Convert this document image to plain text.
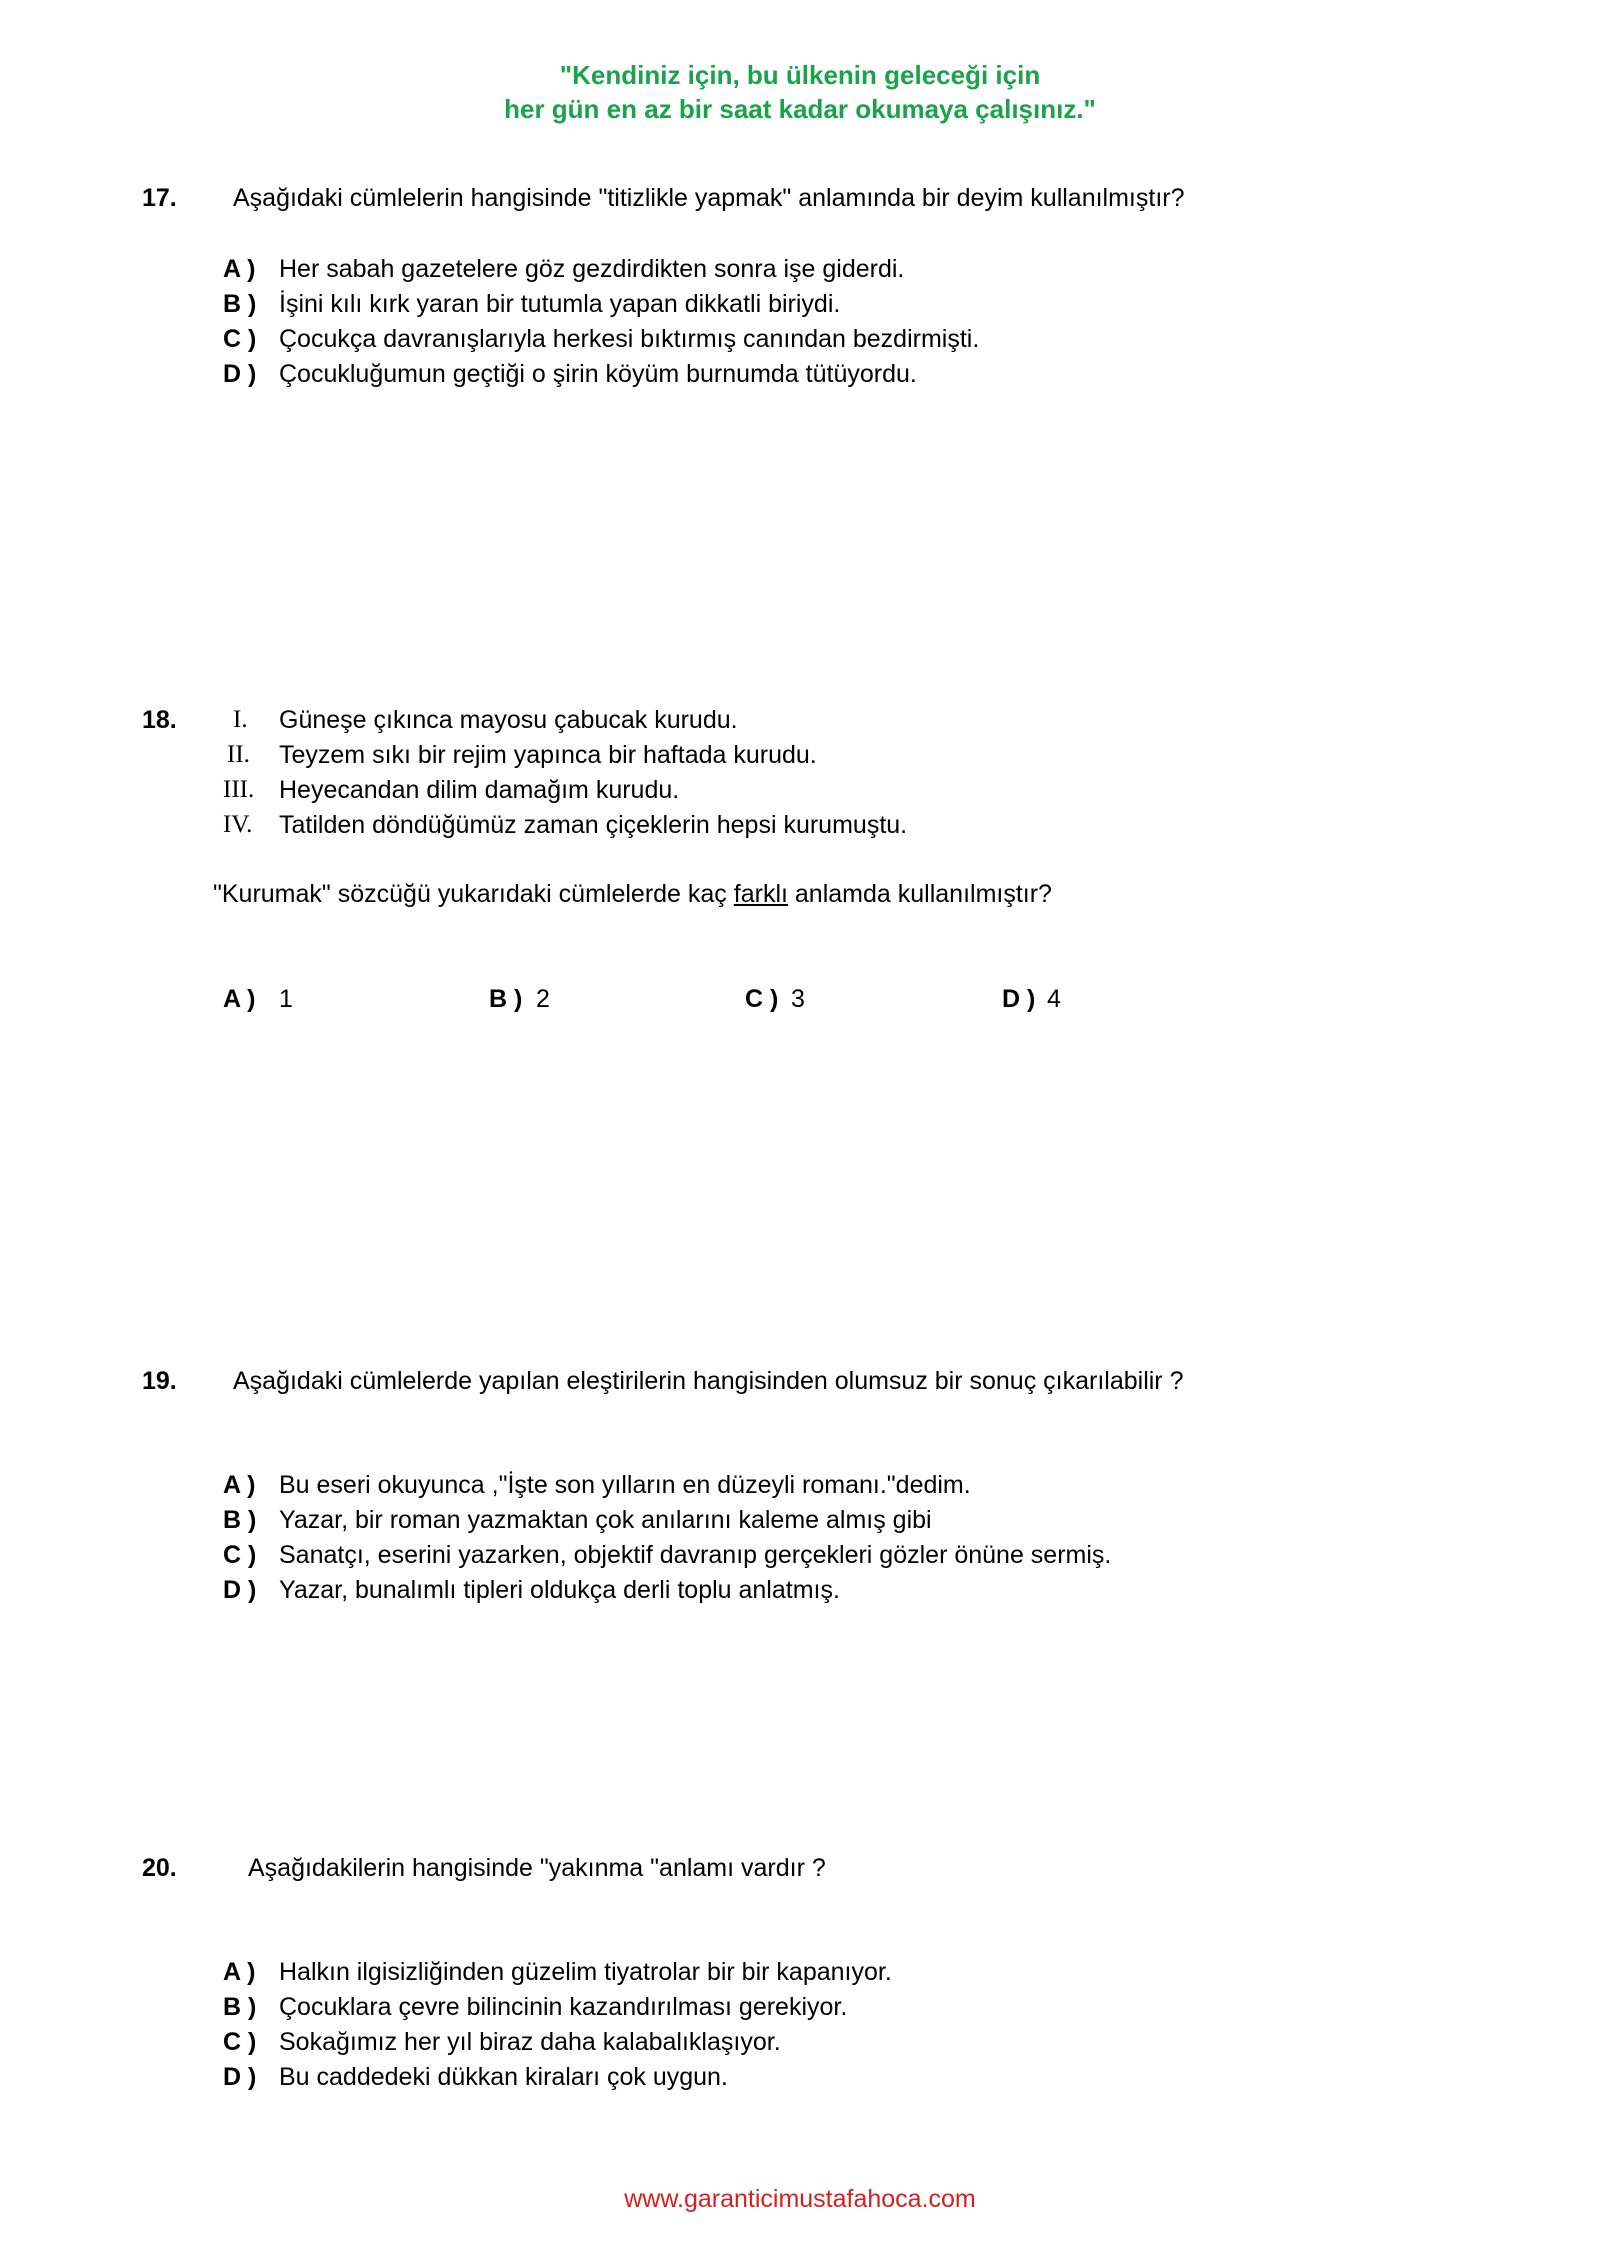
"Kendiniz için, bu ülkenin geleceği için
her gün en az bir saat kadar okumaya çalışınız."
17. Aşağıdaki cümlelerin hangisinde "titizlikle yapmak" anlamında bir deyim kullanılmıştır?
A ) Her sabah gazetelere göz gezdirdikten sonra işe giderdi.
B ) İşini kılı kırk yaran bir tutumla yapan dikkatli biriydi.
C ) Çocukça davranışlarıyla herkesi bıktırmış canından bezdirmişti.
D ) Çocukluğumun geçtiği o şirin köyüm burnumda tütüyordu.
18. I. Güneşe çıkınca mayosu çabucak kurudu.
II. Teyzem sıkı bir rejim yapınca bir haftada kurudu.
III. Heyecandan dilim damağım kurudu.
IV. Tatilden döndüğümüz zaman çiçeklerin hepsi kurumuştu.
"Kurumak" sözcüğü yukarıdaki cümlelerde kaç farklı anlamda kullanılmıştır?
A ) 1	B ) 2	C ) 3	D ) 4
19. Aşağıdaki cümlelerde yapılan eleştirilerin hangisinden olumsuz bir sonuç çıkarılabilir ?
A ) Bu eseri okuyunca ,"İşte son yılların en düzeyli romanı."dedim.
B ) Yazar, bir roman yazmaktan çok anılarını kaleme almış gibi
C ) Sanatçı, eserini yazarken, objektif davranıp gerçekleri gözler önüne sermiş.
D ) Yazar, bunalımlı tipleri oldukça derli toplu anlatmış.
20.	Aşağıdakilerin hangisinde "yakınma "anlamı vardır ?
A ) Halkın ilgisizliğinden güzelim tiyatrolar bir bir kapanıyor.
B ) Çocuklara çevre bilincinin kazandırılması gerekiyor.
C ) Sokağımız her yıl biraz daha kalabalıklaşıyor.
D ) Bu caddedeki dükkan kiraları çok uygun.
www.garanticimustafahoca.com
